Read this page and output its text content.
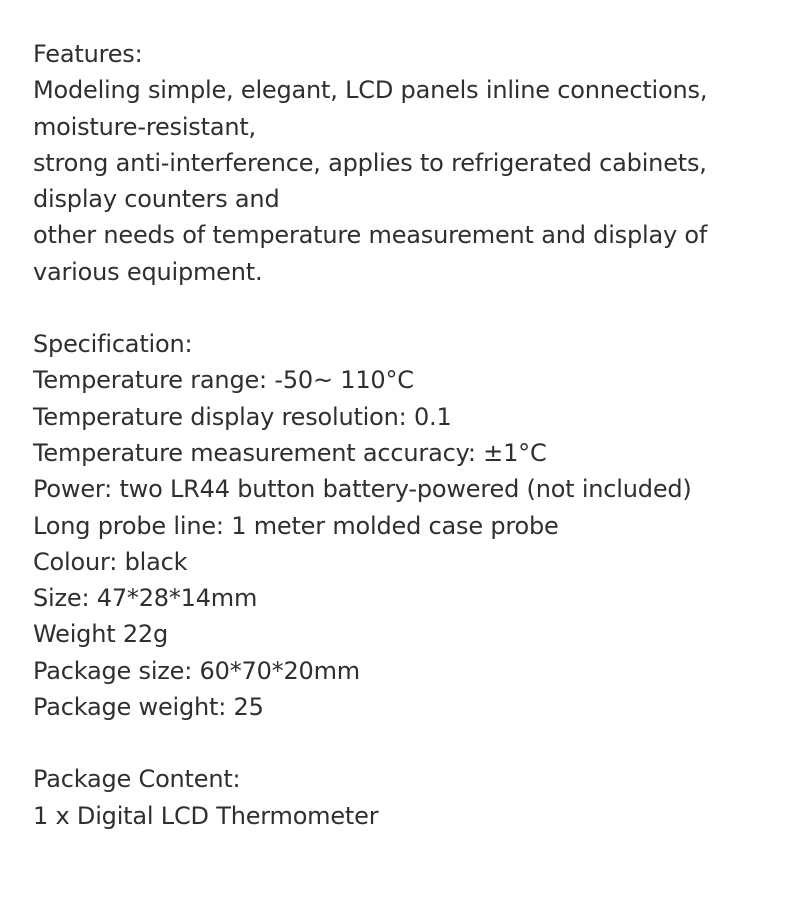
Features:
Modeling simple, elegant, LCD panels inline connections,
moisture-resistant,
strong anti-interference, applies to refrigerated cabinets,
display counters and
other needs of temperature measurement and display of
various equipment.
Specification:
Temperature range: -50~ 110°C
Temperature display resolution: 0.1
Temperature measurement accuracy: ±1°C
Power: two LR44 button battery-powered (not included)
Long probe line: 1 meter molded case probe
Colour: black
Size: 47*28*14mm
Weight 22g
Package size: 60*70*20mm
Package weight: 25
Package Content:
1 x Digital LCD Thermometer
